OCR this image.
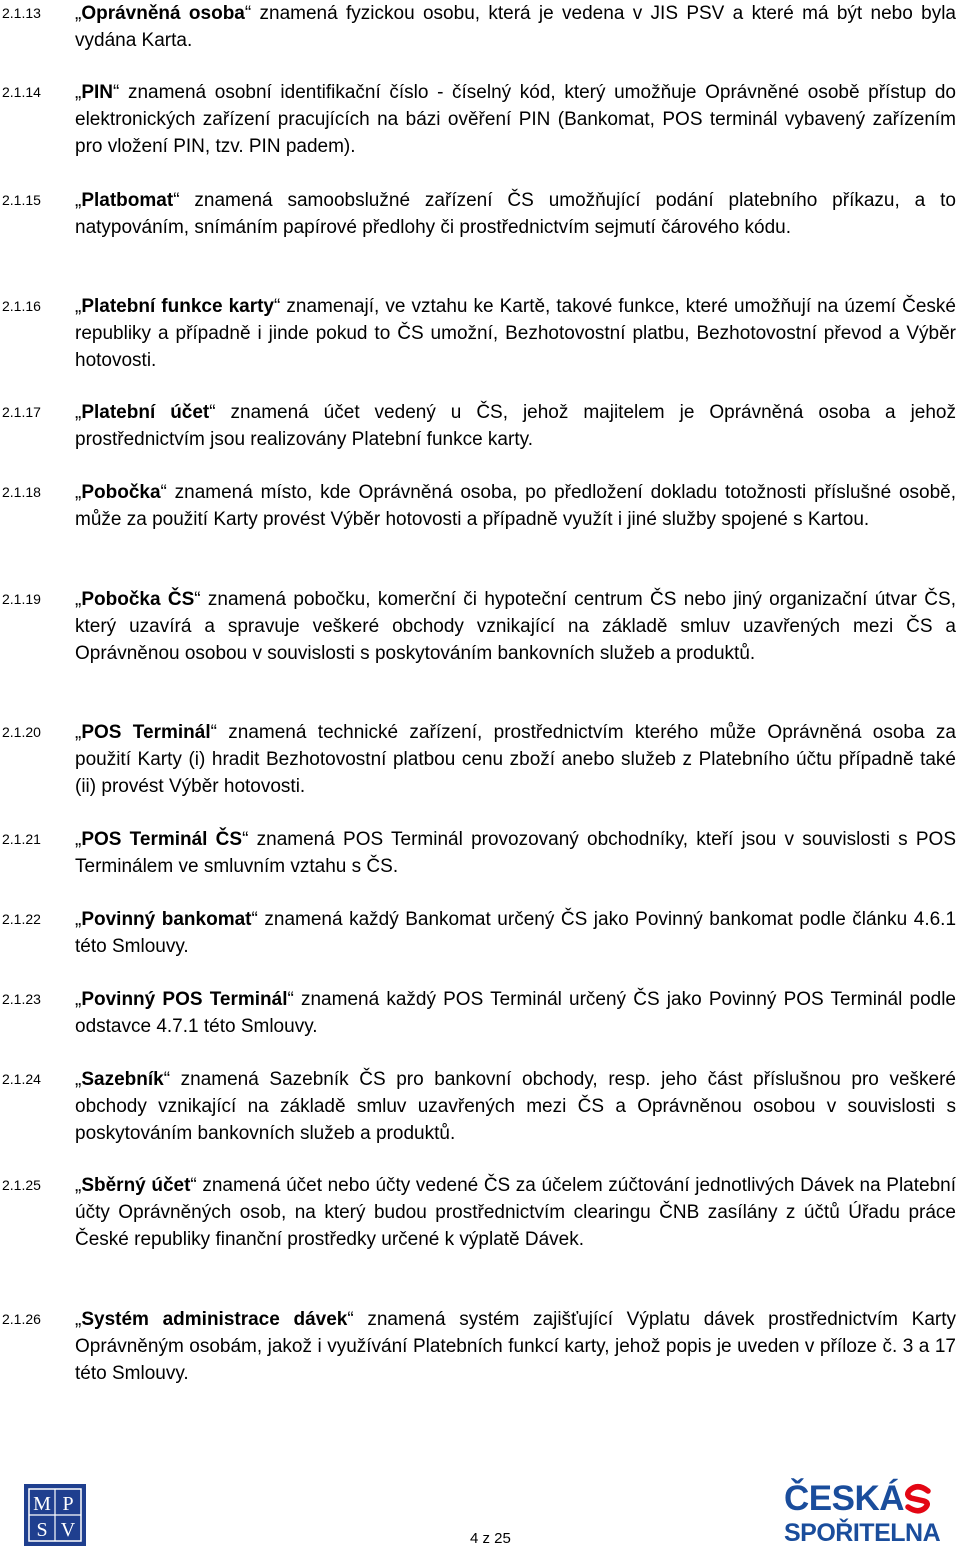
2.1.13 „Oprávněná osoba“ znamená fyzickou osobu, která je vedena v JIS PSV a které má být nebo byla vydána Karta.
2.1.14 „PIN“ znamená osobní identifikační číslo - číselný kód, který umožňuje Oprávněné osobě přístup do elektronických zařízení pracujících na bázi ověření PIN (Bankomat, POS terminál vybavený zařízením pro vložení PIN, tzv. PIN padem).
2.1.15 „Platbomat“ znamená samoobslužné zařízení ČS umožňující podání platebního příkazu, a to natypováním, snímáním papírové předlohy či prostřednictvím sejmutí čárového kódu.
2.1.16 „Platební funkce karty“ znamenají, ve vztahu ke Kartě, takové funkce, které umožňují na území České republiky a případně i jinde pokud to ČS umožní, Bezhotovostní platbu, Bezhotovostní převod a Výběr hotovosti.
2.1.17 „Platební účet“ znamená účet vedený u ČS, jehož majitelem je Oprávněná osoba a jehož prostřednictvím jsou realizovány Platební funkce karty.
2.1.18 „Pobočka“ znamená místo, kde Oprávněná osoba, po předložení dokladu totožnosti příslušné osobě, může za použití Karty provést Výběr hotovosti a případně využít i jiné služby spojené s Kartou.
2.1.19 „Pobočka ČS“ znamená pobočku, komerční či hypoteční centrum ČS nebo jiný organizační útvar ČS, který uzavírá a spravuje veškeré obchody vznikající na základě smluv uzavřených mezi ČS a Oprávněnou osobou v souvislosti s poskytováním bankovních služeb a produktů.
2.1.20 „POS Terminál“ znamená technické zařízení, prostřednictvím kterého může Oprávněná osoba za použití Karty (i) hradit Bezhotovostní platbou cenu zboží anebo služeb z Platebního účtu případně také (ii) provést Výběr hotovosti.
2.1.21 „POS Terminál ČS“ znamená POS Terminál provozovaný obchodníky, kteří jsou v souvislosti s POS Terminálem ve smluvním vztahu s ČS.
2.1.22 „Povinný bankomat“ znamená každý Bankomat určený ČS jako Povinný bankomat podle článku 4.6.1 této Smlouvy.
2.1.23 „Povinný POS Terminál“ znamená každý POS Terminál určený ČS jako Povinný POS Terminál podle odstavce 4.7.1 této Smlouvy.
2.1.24 „Sazebník“ znamená Sazebník ČS pro bankovní obchody, resp. jeho část příslušnou pro veškeré obchody vznikající na základě smluv uzavřených mezi ČS a Oprávněnou osobou v souvislosti s poskytováním bankovních služeb a produktů.
2.1.25 „Sběrný účet“ znamená účet nebo účty vedené ČS za účelem zúčtování jednotlivých Dávek na Platební účty Oprávněných osob, na který budou prostřednictvím clearingu ČNB zasílány z účtů Úřadu práce České republiky finanční prostředky určené k výplatě Dávek.
2.1.26 „Systém administrace dávek“ znamená systém zajišťující Výplatu dávek prostřednictvím Karty Oprávněným osobám, jakož i využívání Platebních funkcí karty, jehož popis je uveden v příloze č. 3 a 17 této Smlouvy.
M P
S V	4 z 25
ČESKÁ
SPOŘITELNA
